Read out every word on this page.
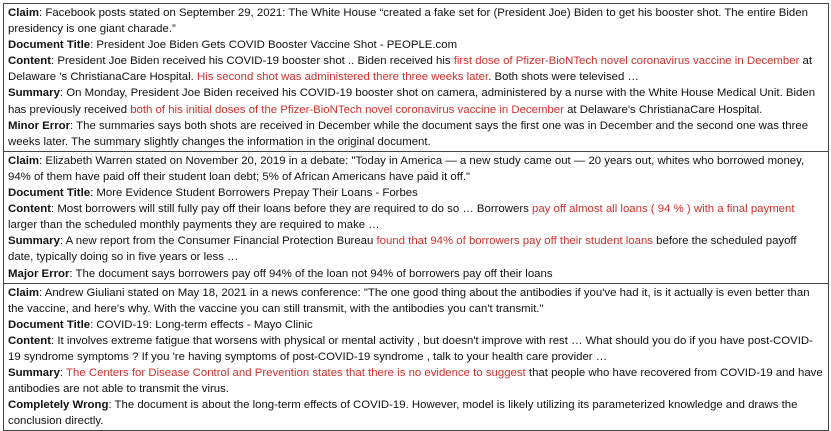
Claim: Facebook posts stated on September 29, 2021: The White House “created a fake set for (President Joe) Biden to get his booster shot. The entire Biden presidency is one giant charade.”

Document Title: President Joe Biden Gets COVID Booster Vaccine Shot - PEOPLE.com

Content: President Joe Biden received his COVID-19 booster shot .. Biden received his first dose of Pfizer-BioNTech novel coronavirus vaccine in December at Delaware 's ChristianaCare Hospital. His second shot was administered there three weeks later. Both shots were televised …

Summary: On Monday, President Joe Biden received his COVID-19 booster shot on camera, administered by a nurse with the White House Medical Unit. Biden has previously received both of his initial doses of the Pfizer-BioNTech novel coronavirus vaccine in December at Delaware's ChristianaCare Hospital.

Minor Error: The summaries says both shots are received in December while the document says the first one was in December and the second one was three weeks later. The summary slightly changes the information in the original document.

Claim: Elizabeth Warren stated on November 20, 2019 in a debate: "Today in America — a new study came out — 20 years out, whites who borrowed money, 94% of them have paid off their student loan debt; 5% of African Americans have paid it off."

Document Title: More Evidence Student Borrowers Prepay Their Loans - Forbes

Content: Most borrowers will still fully pay off their loans before they are required to do so … Borrowers pay off almost all loans ( 94 % ) with a final payment larger than the scheduled monthly payments they are required to make …

Summary: A new report from the Consumer Financial Protection Bureau found that 94% of borrowers pay off their student loans before the scheduled payoff date, typically doing so in five years or less …

Major Error: The document says borrowers pay off 94% of the loan not 94% of borrowers pay off their loans

Claim: Andrew Giuliani stated on May 18, 2021 in a news conference: "The one good thing about the antibodies if you've had it, is it actually is even better than the vaccine, and here's why. With the vaccine you can still transmit, with the antibodies you can't transmit."

Document Title: COVID-19: Long-term effects - Mayo Clinic

Content: It involves extreme fatigue that worsens with physical or mental activity , but doesn't improve with rest … What should you do if you have post-COVID-19 syndrome symptoms ? If you 're having symptoms of post-COVID-19 syndrome , talk to your health care provider …

Summary: The Centers for Disease Control and Prevention states that there is no evidence to suggest that people who have recovered from COVID-19 and have antibodies are not able to transmit the virus.

Completely Wrong: The document is about the long-term effects of COVID-19. However, model is likely utilizing its parameterized knowledge and draws the conclusion directly.
